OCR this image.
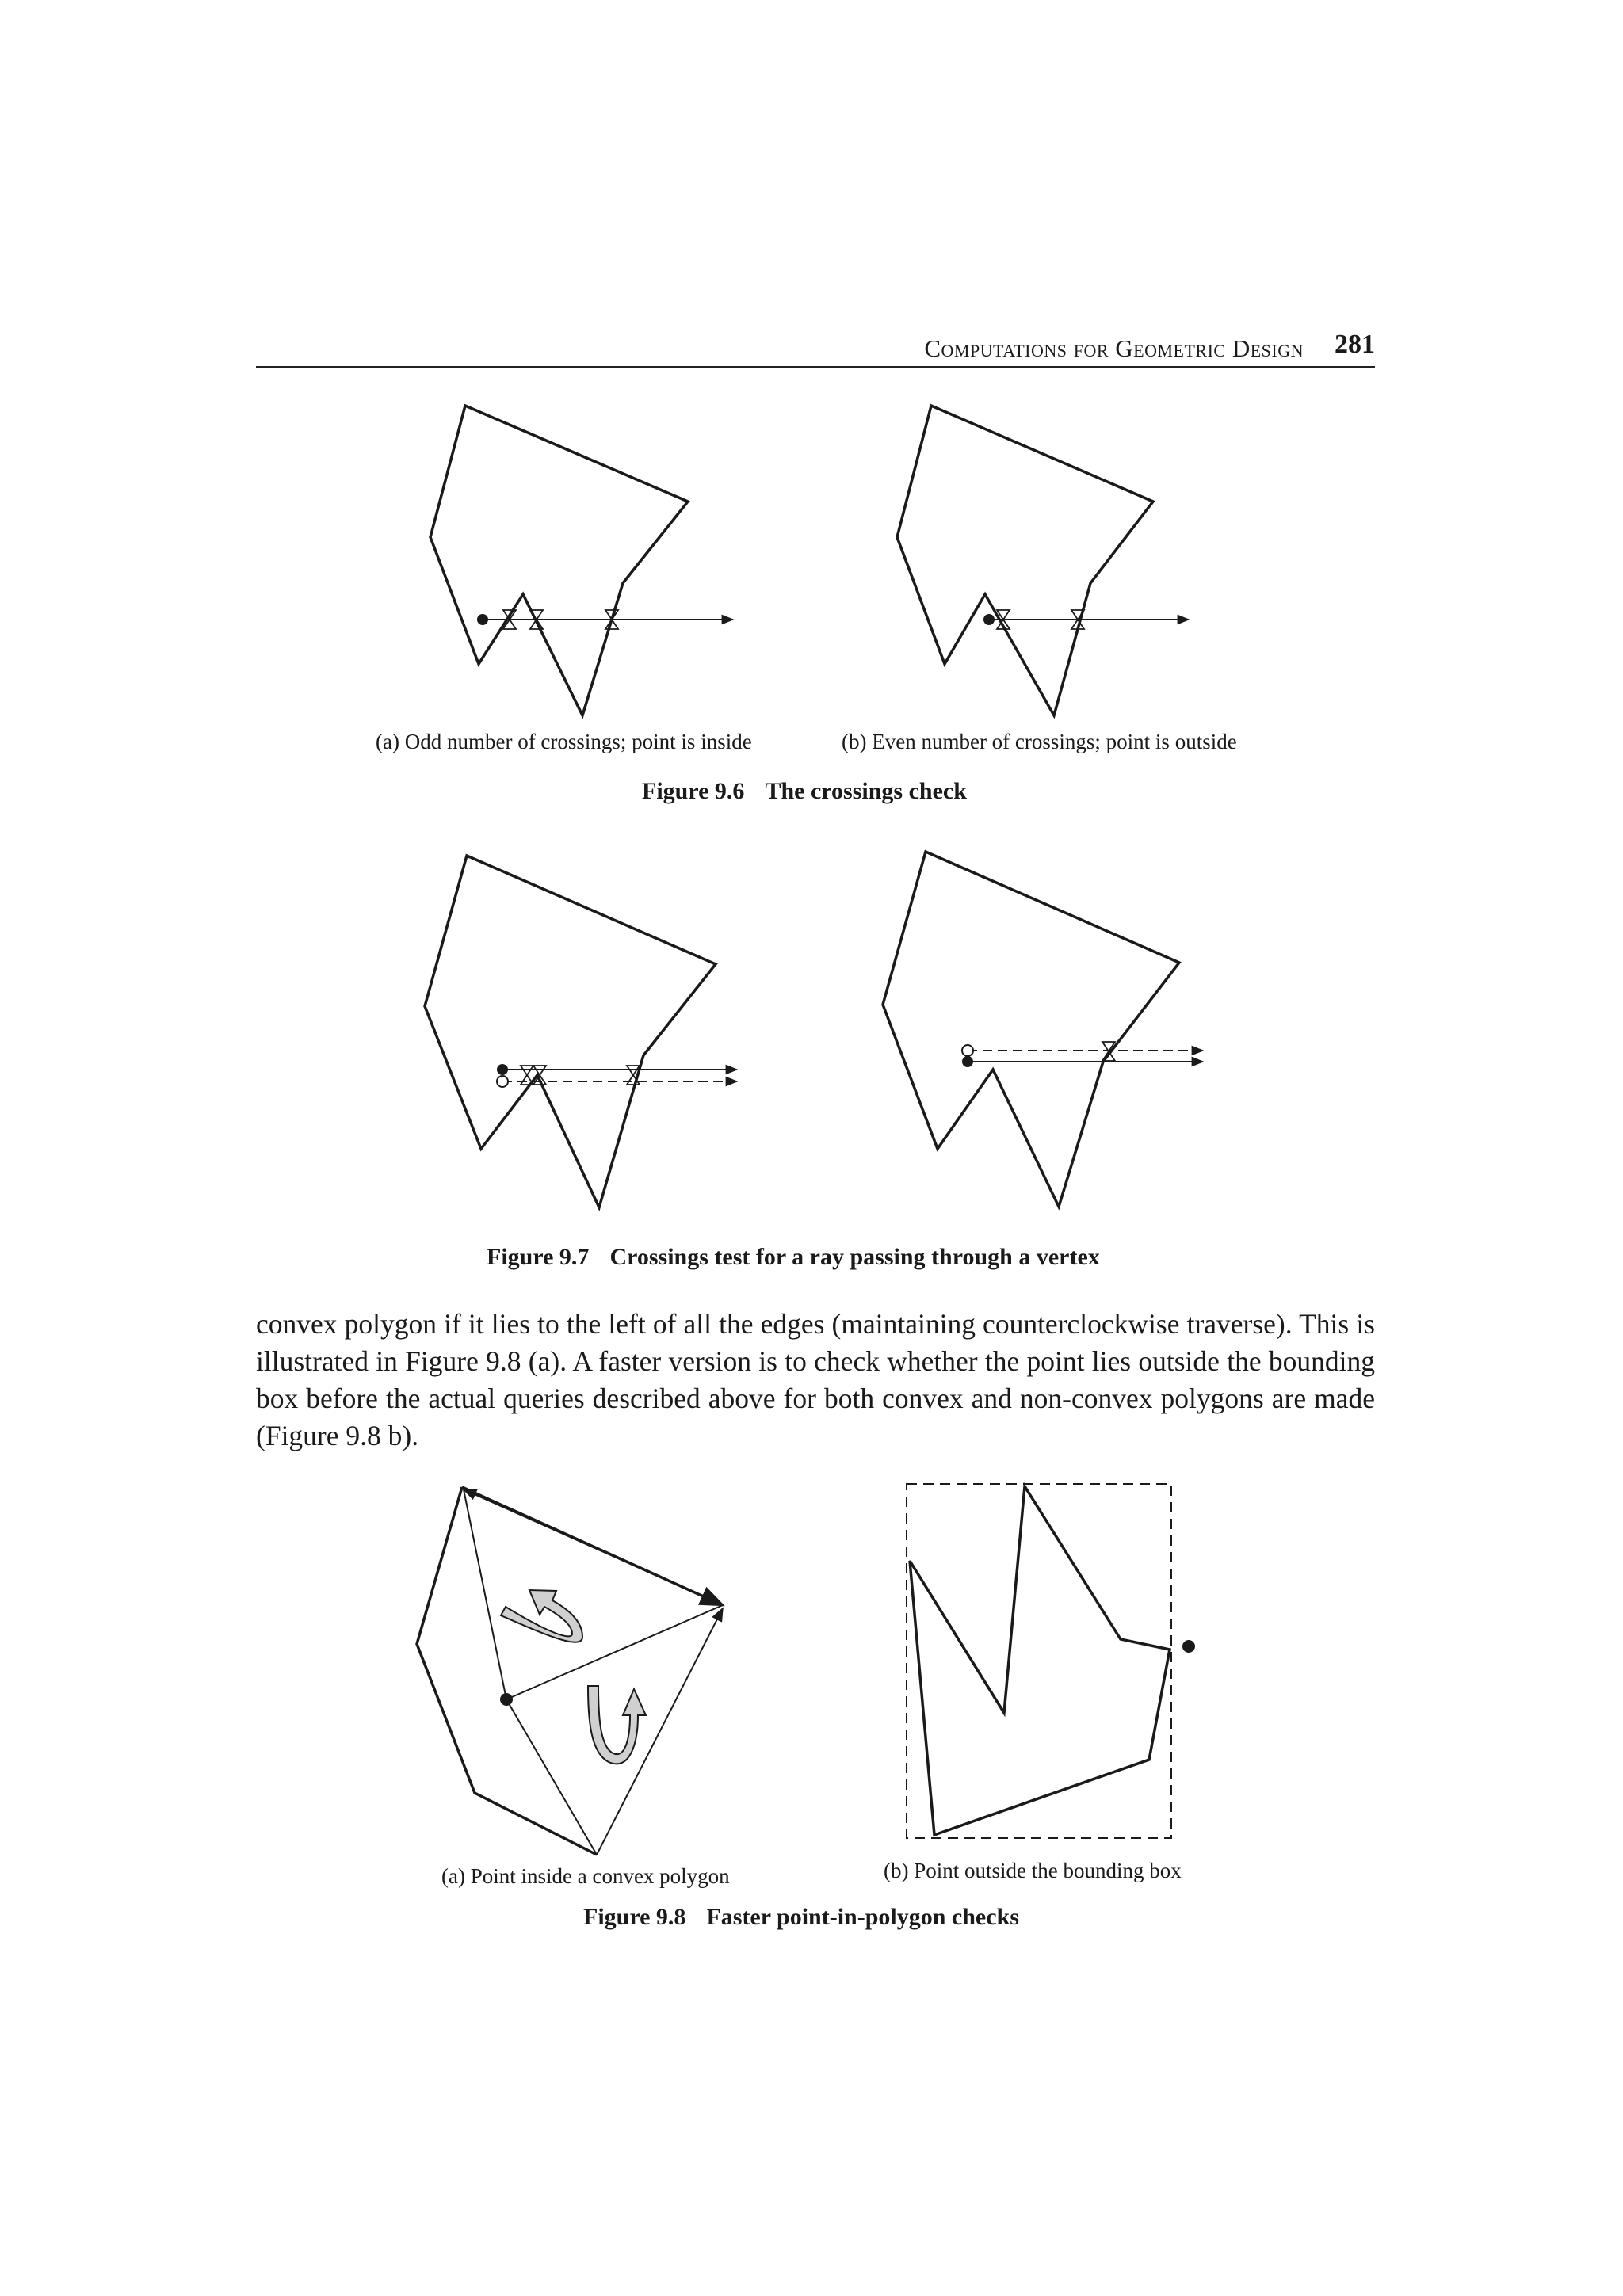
Computations for Geometric Design 281
(a) Odd number of crossings; point is inside	(b) Even number of crossings; point is outside
Figure 9.6 The crossings check
Figure 9.7 Crossings test for a ray passing through a vertex

convex polygon if it lies to the left of all the edges (maintaining counterclockwise traverse). This is illustrated in Figure 9.8 (a). A faster version is to check whether the point lies outside the bounding box before the actual queries described above for both convex and non-convex polygons are made (Figure 9.8 b).

(a) Point inside a convex polygon	(b) Point outside the bounding box
Figure 9.8 Faster point-in-polygon checks
